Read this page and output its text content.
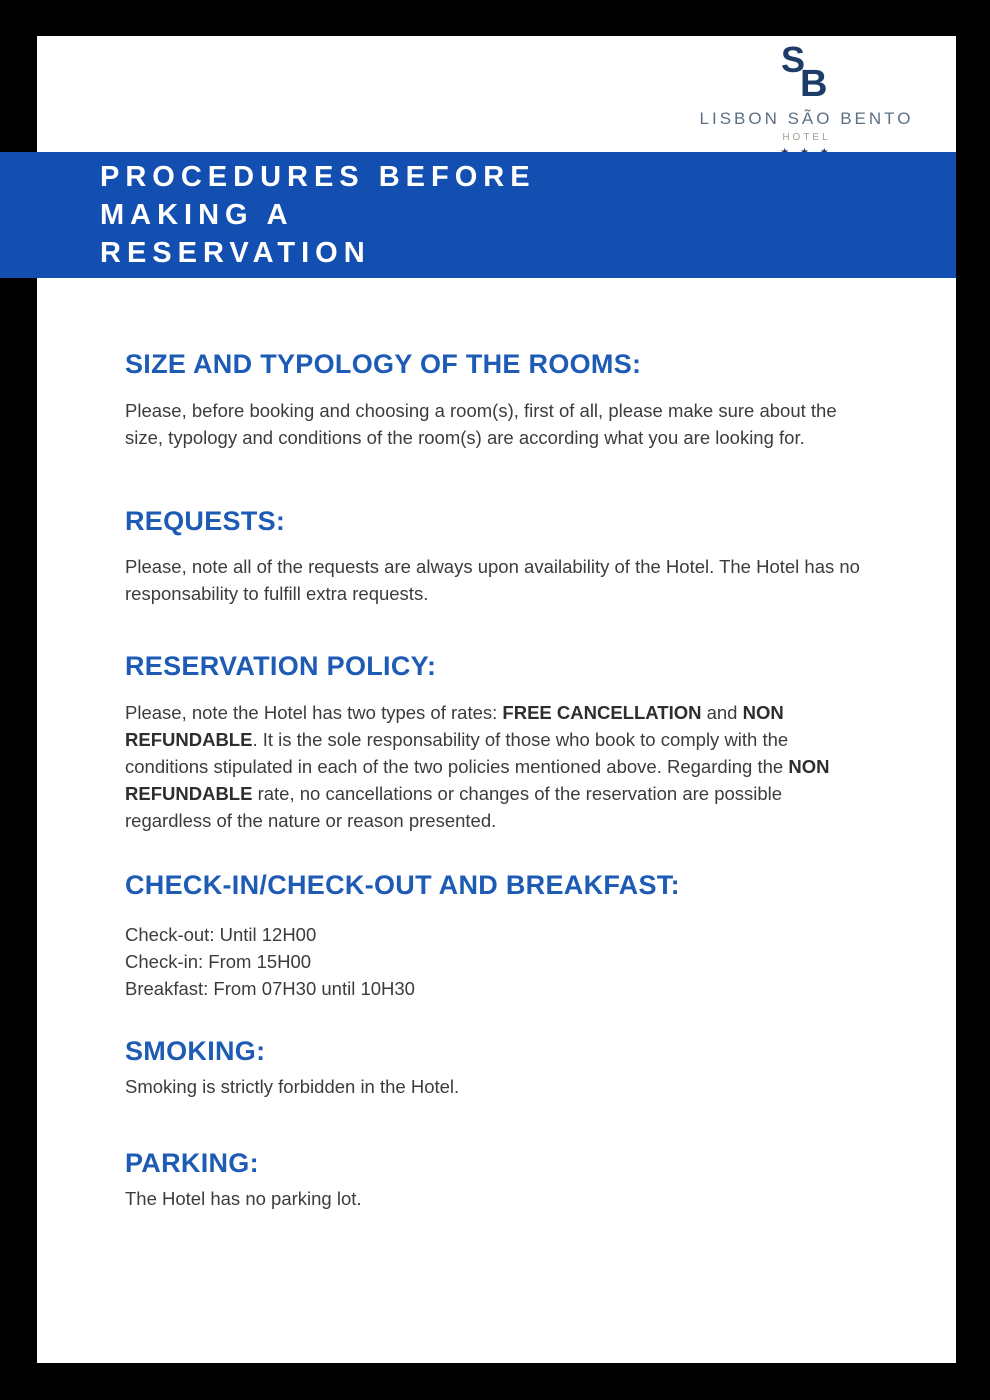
S
B
LISBON SÃO BENTO
HOTEL
PROCEDURES BEFORE
MAKING A
RESERVATION
SIZE AND TYPOLOGY OF THE ROOMS:

Please, before booking and choosing a room(s), first of all, please make sure about the size, typology and conditions of the room(s) are according what you are looking for.

REQUESTS:

Please, note all of the requests are always upon availability of the Hotel. The Hotel has no responsability to fulfill extra requests.

RESERVATION POLICY:

Please, note the Hotel has two types of rates: FREE CANCELLATION and NON REFUNDABLE. It is the sole responsability of those who book to comply with the conditions stipulated in each of the two policies mentioned above. Regarding the NON REFUNDABLE rate, no cancellations or changes of the reservation are possible regardless of the nature or reason presented.

CHECK-IN/CHECK-OUT AND BREAKFAST:
Check-out: Until 12H00
Check-in: From 15H00
Breakfast: From 07H30 until 10H30
SMOKING:

Smoking is strictly forbidden in the Hotel.

PARKING:

The Hotel has no parking lot.
